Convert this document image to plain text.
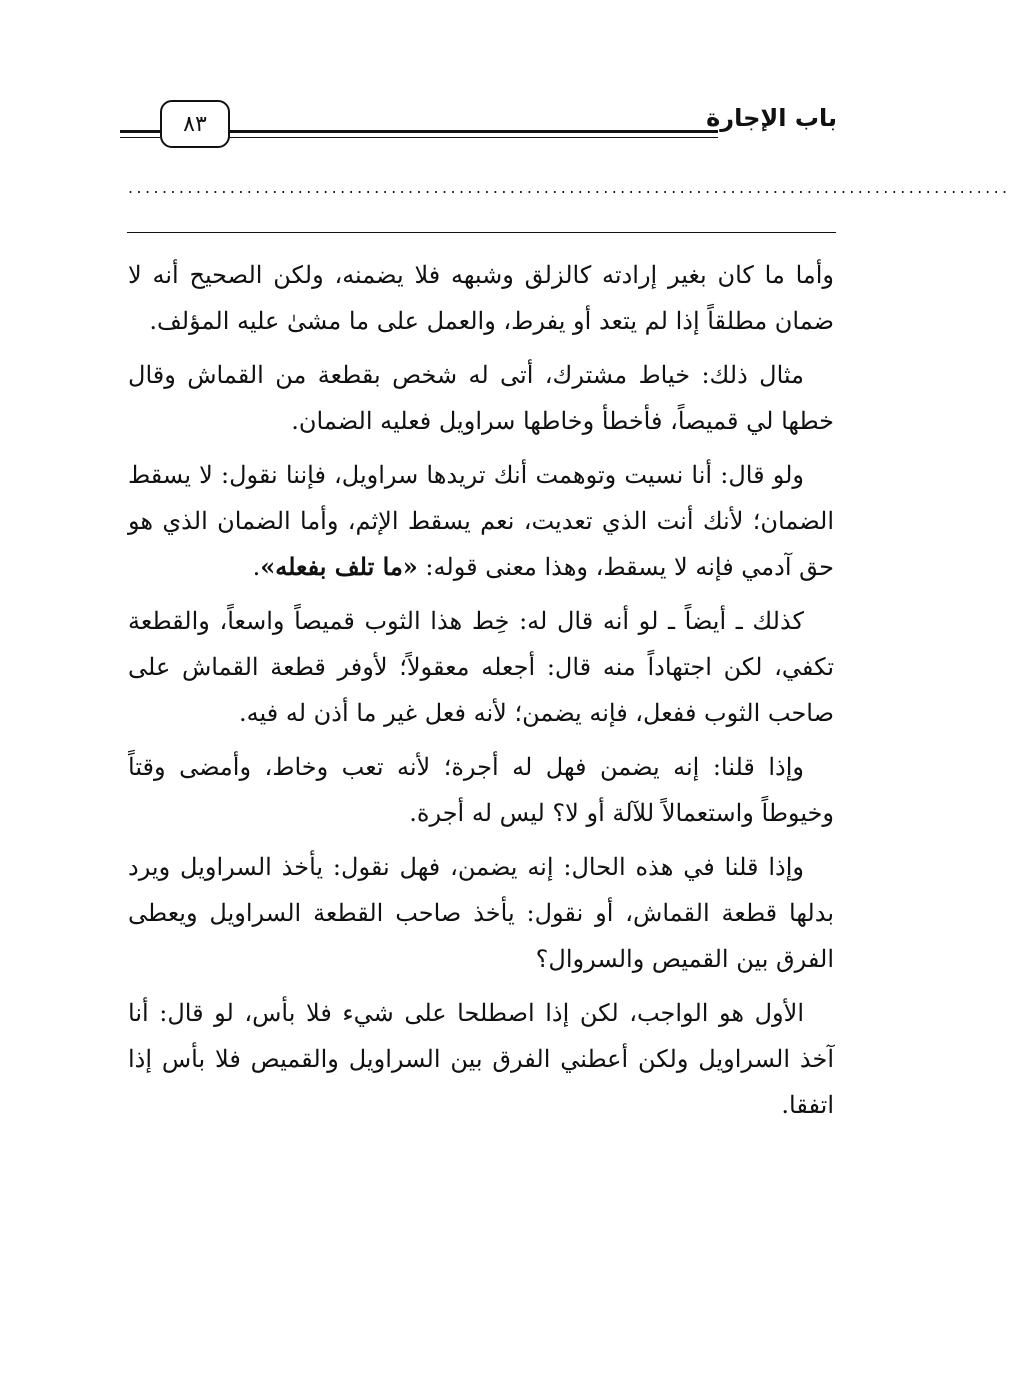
باب الإجارة
٨٣
........................................................................................................

وأما ما كان بغير إرادته كالزلق وشبهه فلا يضمنه، ولكن الصحيح أنه لا ضمان مطلقاً إذا لم يتعد أو يفرط، والعمل على ما مشىٰ عليه المؤلف.

مثال ذلك: خياط مشترك، أتى له شخص بقطعة من القماش وقال خطها لي قميصاً، فأخطأ وخاطها سراويل فعليه الضمان.

ولو قال: أنا نسيت وتوهمت أنك تريدها سراويل، فإننا نقول: لا يسقط الضمان؛ لأنك أنت الذي تعديت، نعم يسقط الإثم، وأما الضمان الذي هو حق آدمي فإنه لا يسقط، وهذا معنى قوله: «ما تلف بفعله».

كذلك ـ أيضاً ـ لو أنه قال له: خِط هذا الثوب قميصاً واسعاً، والقطعة تكفي، لكن اجتهاداً منه قال: أجعله معقولاً؛ لأوفر قطعة القماش على صاحب الثوب ففعل، فإنه يضمن؛ لأنه فعل غير ما أذن له فيه.

وإذا قلنا: إنه يضمن فهل له أجرة؛ لأنه تعب وخاط، وأمضى وقتاً وخيوطاً واستعمالاً للآلة أو لا؟ ليس له أجرة.

وإذا قلنا في هذه الحال: إنه يضمن، فهل نقول: يأخذ السراويل ويرد بدلها قطعة القماش، أو نقول: يأخذ صاحب القطعة السراويل ويعطى الفرق بين القميص والسروال؟

الأول هو الواجب، لكن إذا اصطلحا على شيء فلا بأس، لو قال: أنا آخذ السراويل ولكن أعطني الفرق بين السراويل والقميص فلا بأس إذا اتفقا.
